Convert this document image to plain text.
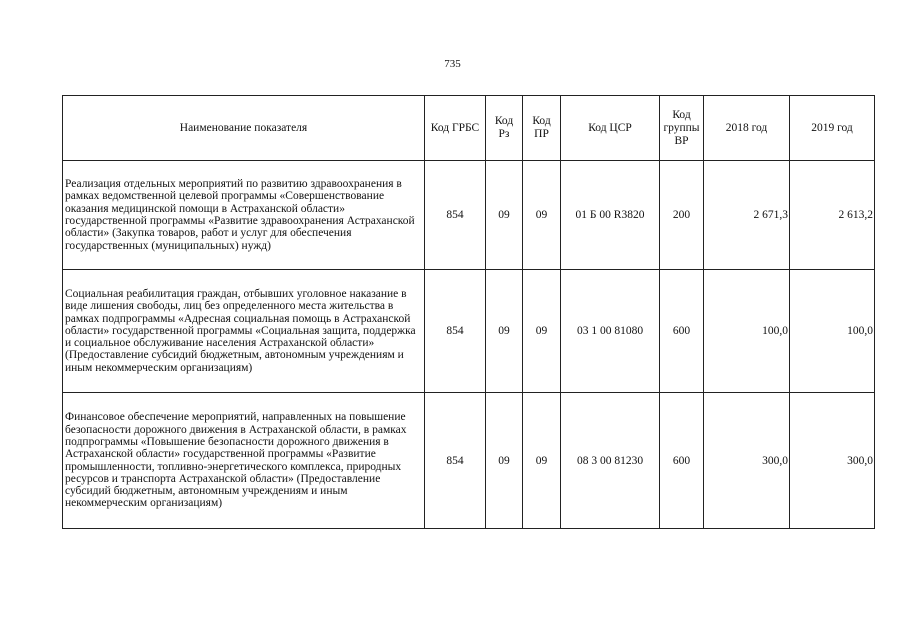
735
Наименование показателя	Код ГРБС	Код Рз	Код ПР	Код ЦСР	Код группы ВР	2018 год	2019 год
Реализация отдельных мероприятий по развитию здравоохранения в рамках ведомственной целевой программы «Совершенствование оказания медицинской помощи в Астраханской области» государственной программы «Развитие здравоохранения Астраханской области» (Закупка товаров, работ и услуг для обеспечения государственных (муниципальных) нужд)	854	09	09	01 Б 00 R3820	200	2 671,3	2 613,2
Социальная реабилитация граждан, отбывших уголовное наказание в виде лишения свободы, лиц без определенного места жительства в рамках подпрограммы «Адресная социальная помощь в Астраханской области» государственной программы «Социальная защита, поддержка и социальное обслуживание населения Астраханской области» (Предоставление субсидий бюджетным, автономным учреждениям и иным некоммерческим организациям)	854	09	09	03 1 00 81080	600	100,0	100,0
Финансовое обеспечение мероприятий, направленных на повышение безопасности дорожного движения в Астраханской области, в рамках подпрограммы «Повышение безопасности дорожного движения в Астраханской области» государственной программы «Развитие промышленности, топливно-энергетического комплекса, природных ресурсов и транспорта Астраханской области» (Предоставление субсидий бюджетным, автономным учреждениям и иным некоммерческим организациям)	854	09	09	08 3 00 81230	600	300,0	300,0
